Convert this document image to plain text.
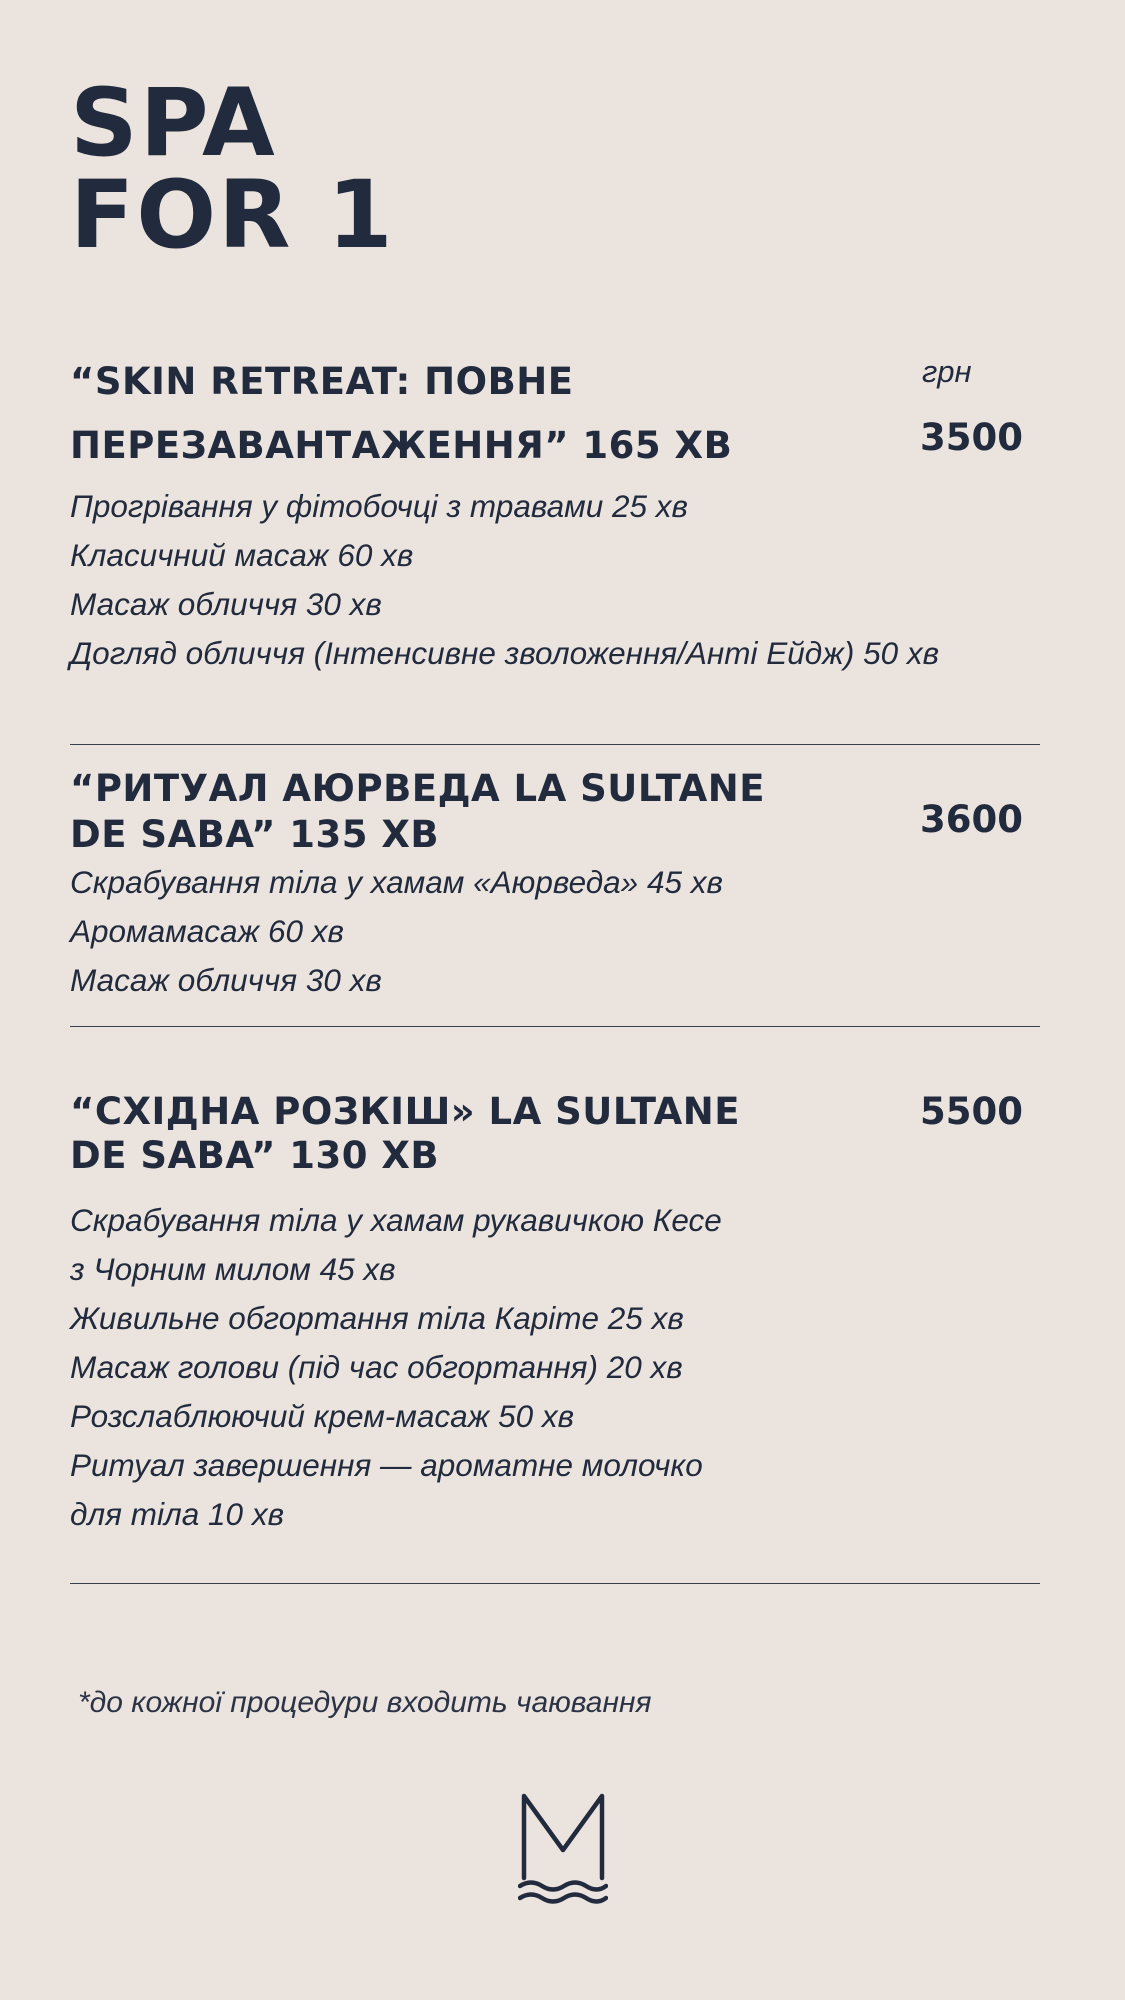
SPA
FOR 1
“SKIN RETREAT: ПОВНЕ
ПЕРЕЗАВАНТАЖЕННЯ” 165 ХВ
грн
3500
Прогрівання у фітобочці з травами 25 хв
Класичний масаж 60 хв
Масаж обличчя 30 хв
Догляд обличчя (Інтенсивне зволоження/Анті Ейдж) 50 хв
“РИТУАЛ АЮРВЕДА LA SULTANE
DE SABA” 135 ХВ	3600
Скрабування тіла у хамам «Аюрведа» 45 хв
Аромамасаж 60 хв
Масаж обличчя 30 хв
“СХІДНА РОЗКІШ» LA SULTANE
DE SABA” 130 ХВ
5500
Скрабування тіла у хамам рукавичкою Кесе
з Чорним милом 45 хв
Живильне обгортання тіла Каріте 25 хв
Масаж голови (під час обгортання) 20 хв
Розслаблюючий крем-масаж 50 хв
Ритуал завершення — ароматне молочко
для тіла 10 хв
*до кожної процедури входить чаювання
